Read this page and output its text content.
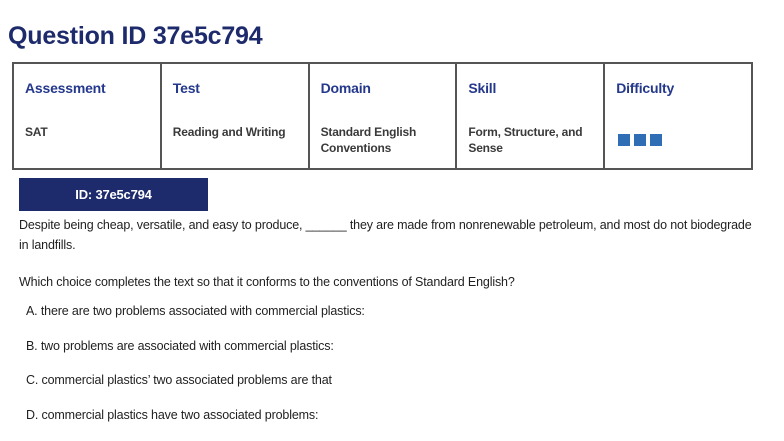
Question ID 37e5c794

Assessment

SAT

Test

Reading and Writing

Domain

Standard English Conventions

Skill

Form, Structure, and Sense

Difficulty

ID: 37e5c794

Despite being cheap, versatile, and easy to produce, ______ they are made from nonrenewable petroleum, and most do not biodegrade in landfills.

Which choice completes the text so that it conforms to the conventions of Standard English?

A. there are two problems associated with commercial plastics:

B. two problems are associated with commercial plastics:

C. commercial plastics’ two associated problems are that

D. commercial plastics have two associated problems:
